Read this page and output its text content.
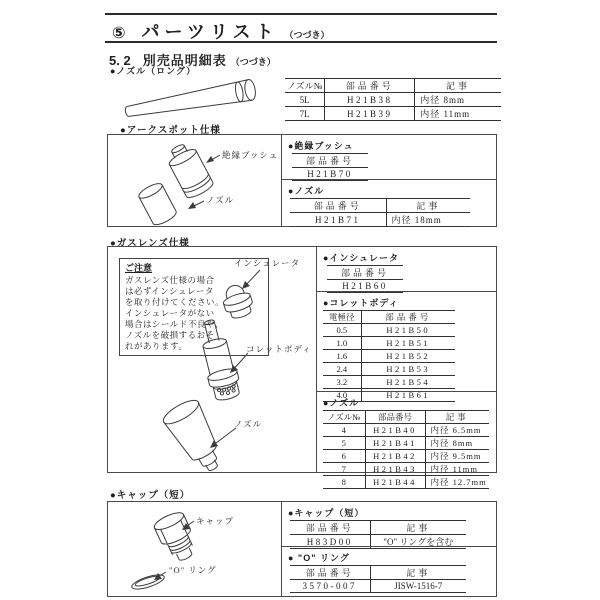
⑤ パーツリスト （つづき）
5. 2 別売品明細表 （つづき）
●ノズル（ロング）
ノズル№	部品番号	記事
5L	H21B38	内径 8mm
7L	H21B39	内径 11mm
●アークスポット仕様
絶縁ブッシュ
ノズル
●絶縁ブッシュ
部品番号
H21B70
●ノズル
部品番号	記事
H21B71	内径 18mm
●ガスレンズ仕様
ご注意
ガスレンズ仕様の場合
は必ずインシュレータ
を取り付けてください。
インシュレータがない
場合はシールド不良や、
ノズルを破損するおそ
れがあります。
インシュレータ
コレットボディ
ノズル
●インシュレータ
部品番号
H21B60
●コレットボディ
電極径	部品番号
0.5	H21B50
1.0	H21B51
1.6	H21B52
2.4	H21B53
3.2	H21B54
4.0	H21B61
●ノズル
ノズル№	部品番号	記事
4	H21B40	内径 6.5mm
5	H21B41	内径 8mm
6	H21B42	内径 9.5mm
7	H21B43	内径 11mm
8	H21B44	内径 12.7mm
●キャップ（短）
キャップ
"O" リング
●キャップ（短）
部品番号	記事
H83D00	"O" リングを含む
● "O" リング
部品番号	記事
3570-007	JISW-1516-7
